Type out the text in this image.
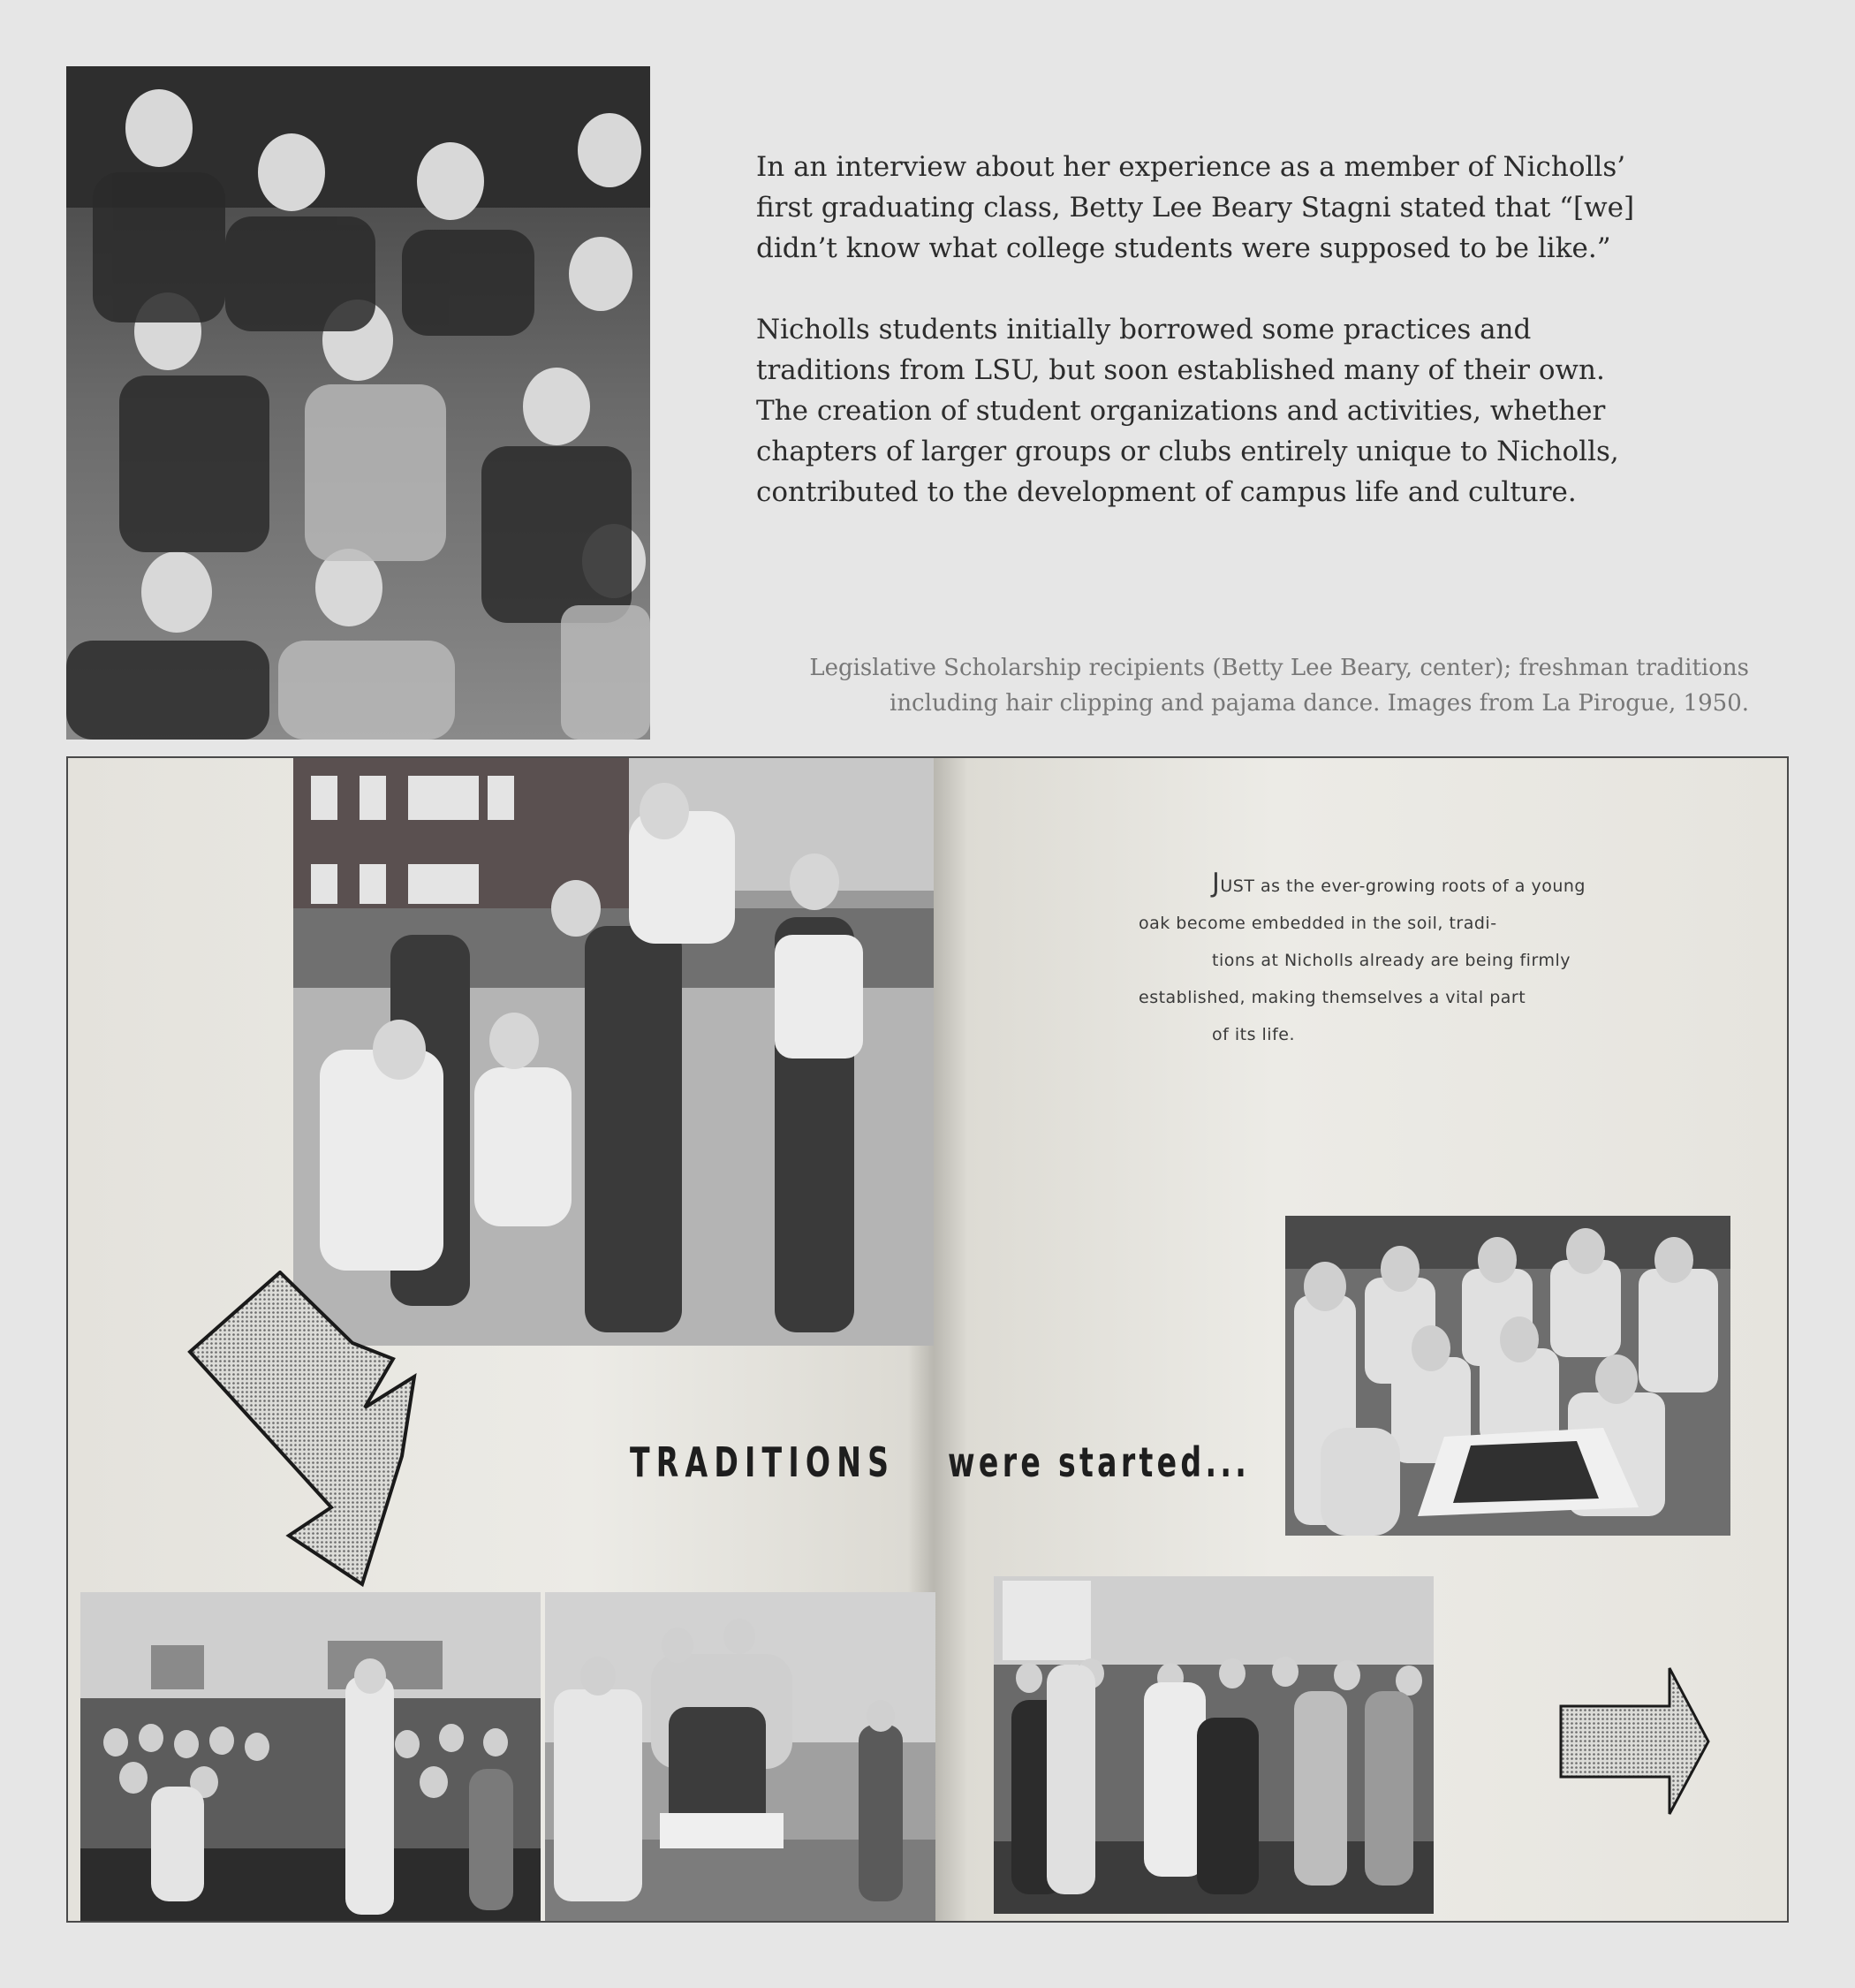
In an interview about her experience as a member of Nicholls’
first graduating class, Betty Lee Beary Stagni stated that “[we]
didn’t know what college students were supposed to be like.”
Nicholls students initially borrowed some practices and
traditions from LSU, but soon established many of their own.
The creation of student organizations and activities, whether
chapters of larger groups or clubs entirely unique to Nicholls,
contributed to the development of campus life and culture.
Legislative Scholarship recipients (Betty Lee Beary, center); freshman traditions
including hair clipping and pajama dance. Images from La Pirogue, 1950.
TRADITIONS were started...
JUST as the ever-growing roots of a young
oak become embedded in the soil, tradi-
tions at Nicholls already are being firmly
established, making themselves a vital part
of its life.
